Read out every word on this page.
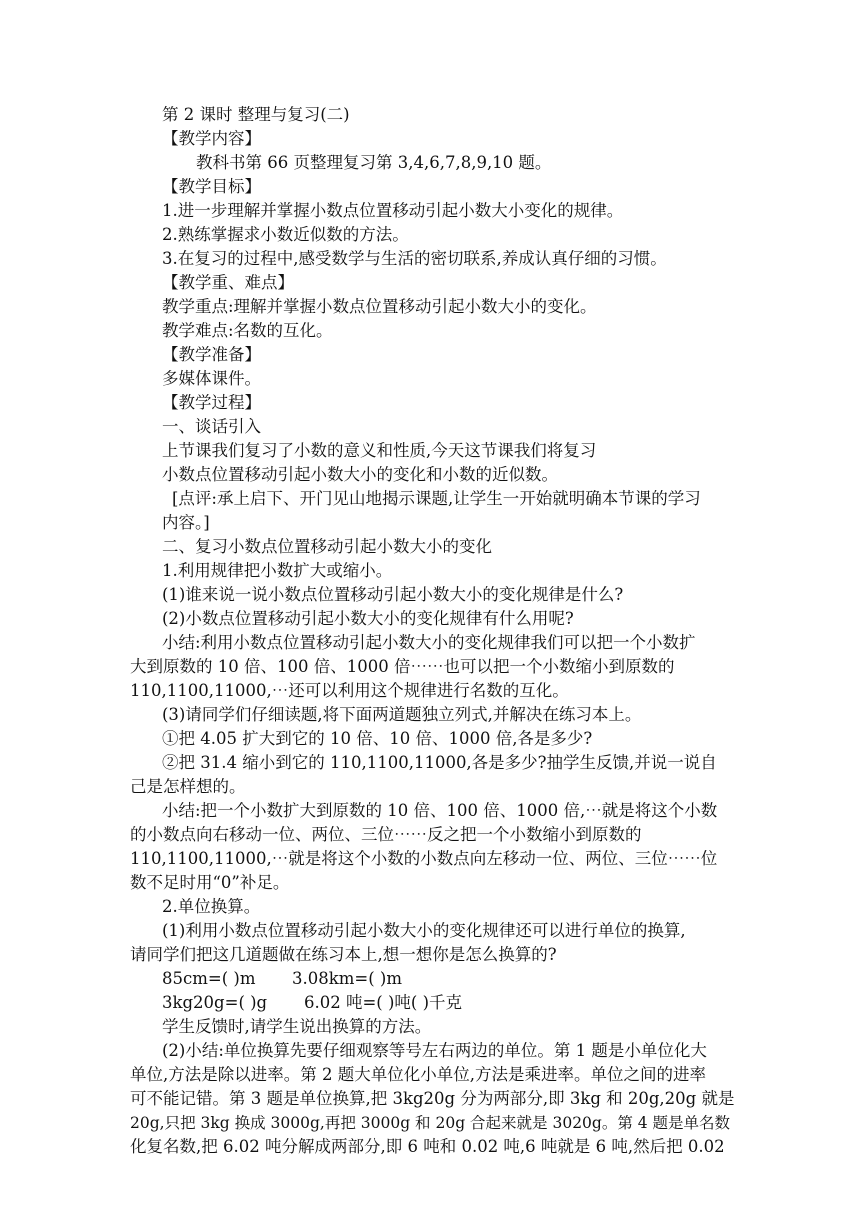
第 2 课时 整理与复习(二)
【教学内容】
教科书第 66 页整理复习第 3,4,6,7,8,9,10 题。
【教学目标】
1.进一步理解并掌握小数点位置移动引起小数大小变化的规律。
2.熟练掌握求小数近似数的方法。
3.在复习的过程中,感受数学与生活的密切联系,养成认真仔细的习惯。
【教学重、难点】
教学重点:理解并掌握小数点位置移动引起小数大小的变化。
教学难点:名数的互化。
【教学准备】
多媒体课件。
【教学过程】
一、谈话引入
上节课我们复习了小数的意义和性质,今天这节课我们将复习
小数点位置移动引起小数大小的变化和小数的近似数。
[点评:承上启下、开门见山地揭示课题,让学生一开始就明确本节课的学习
内容。]
二、复习小数点位置移动引起小数大小的变化
1.利用规律把小数扩大或缩小。
(1)谁来说一说小数点位置移动引起小数大小的变化规律是什么?
(2)小数点位置移动引起小数大小的变化规律有什么用呢?
小结:利用小数点位置移动引起小数大小的变化规律我们可以把一个小数扩
大到原数的 10 倍、100 倍、1000 倍⋯⋯也可以把一个小数缩小到原数的
110,1100,11000,⋯还可以利用这个规律进行名数的互化。
(3)请同学们仔细读题,将下面两道题独立列式,并解决在练习本上。
①把 4.05 扩大到它的 10 倍、10 倍、1000 倍,各是多少?
②把 31.4 缩小到它的 110,1100,11000,各是多少?抽学生反馈,并说一说自
己是怎样想的。
小结:把一个小数扩大到原数的 10 倍、100 倍、1000 倍,⋯就是将这个小数
的小数点向右移动一位、两位、三位⋯⋯反之把一个小数缩小到原数的
110,1100,11000,⋯就是将这个小数的小数点向左移动一位、两位、三位⋯⋯位
数不足时用“0”补足。
2.单位换算。
(1)利用小数点位置移动引起小数大小的变化规律还可以进行单位的换算,
请同学们把这几道题做在练习本上,想一想你是怎么换算的?
85cm=( )m 3.08km=( )m
3kg20g=( )g 6.02 吨=( )吨( )千克
学生反馈时,请学生说出换算的方法。
(2)小结:单位换算先要仔细观察等号左右两边的单位。第 1 题是小单位化大
单位,方法是除以进率。第 2 题大单位化小单位,方法是乘进率。单位之间的进率
可不能记错。第 3 题是单位换算,把 3kg20g 分为两部分,即 3kg 和 20g,20g 就是
20g,只把 3kg 换成 3000g,再把 3000g 和 20g 合起来就是 3020g。第 4 题是单名数
化复名数,把 6.02 吨分解成两部分,即 6 吨和 0.02 吨,6 吨就是 6 吨,然后把 0.02
